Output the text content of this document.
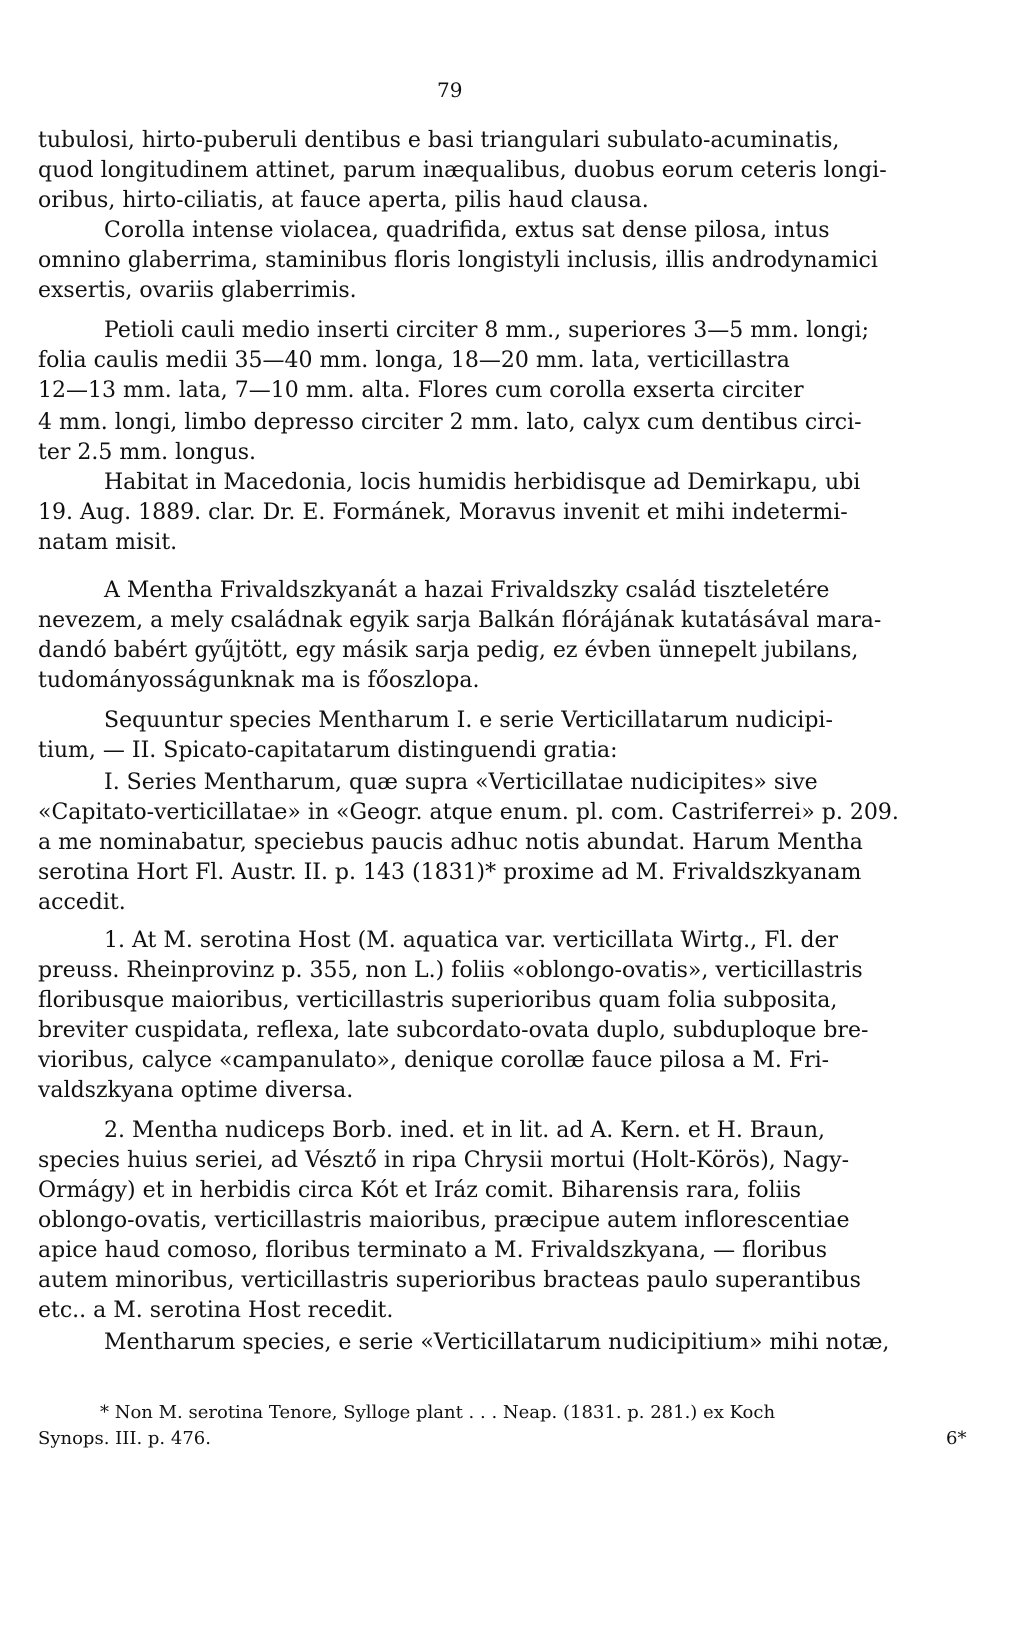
79
tubulosi, hirto-puberuli dentibus e basi triangulari subulato-acuminatis,
quod longitudinem attinet, parum inæqualibus, duobus eorum ceteris longi-
oribus, hirto-ciliatis, at fauce aperta, pilis haud clausa.
Corolla intense violacea, quadrifida, extus sat dense pilosa, intus
omnino glaberrima, staminibus floris longistyli inclusis, illis androdynamici
exsertis, ovariis glaberrimis.
Petioli cauli medio inserti circiter 8 mm., superiores 3—5 mm. longi;
folia caulis medii 35—40 mm. longa, 18—20 mm. lata, verticillastra
12—13 mm. lata, 7—10 mm. alta. Flores cum corolla exserta circiter
4 mm. longi, limbo depresso circiter 2 mm. lato, calyx cum dentibus circi-
ter 2.5 mm. longus.
Habitat in Macedonia, locis humidis herbidisque ad Demirkapu, ubi
19. Aug. 1889. clar. Dr. E. Formánek, Moravus invenit et mihi indetermi-
natam misit.
A Mentha Frivaldszkyanát a hazai Frivaldszky család tiszteletére
nevezem, a mely családnak egyik sarja Balkán flórájának kutatásával mara-
dandó babért gyűjtött, egy másik sarja pedig, ez évben ünnepelt jubilans,
tudományosságunknak ma is főoszlopa.
Sequuntur species Mentharum I. e serie Verticillatarum nudicipi-
tium, — II. Spicato-capitatarum distinguendi gratia:
I. Series Mentharum, quæ supra «Verticillatae nudicipites» sive
«Capitato-verticillatae» in «Geogr. atque enum. pl. com. Castriferrei» p. 209.
a me nominabatur, speciebus paucis adhuc notis abundat. Harum Mentha
serotina Hort Fl. Austr. II. p. 143 (1831)* proxime ad M. Frivaldszkyanam
accedit.
1. At M. serotina Host (M. aquatica var. verticillata Wirtg., Fl. der
preuss. Rheinprovinz p. 355, non L.) foliis «oblongo-ovatis», verticillastris
floribusque maioribus, verticillastris superioribus quam folia subposita,
breviter cuspidata, reflexa, late subcordato-ovata duplo, subduploque bre-
vioribus, calyce «campanulato», denique corollæ fauce pilosa a M. Fri-
valdszkyana optime diversa.
2. Mentha nudiceps Borb. ined. et in lit. ad A. Kern. et H. Braun,
species huius seriei, ad Vésztő in ripa Chrysii mortui (Holt-Körös), Nagy-
Ormágy) et in herbidis circa Kót et Iráz comit. Biharensis rara, foliis
oblongo-ovatis, verticillastris maioribus, præcipue autem inflorescentiae
apice haud comoso, floribus terminato a M. Frivaldszkyana, — floribus
autem minoribus, verticillastris superioribus bracteas paulo superantibus
etc.. a M. serotina Host recedit.
Mentharum species, e serie «Verticillatarum nudicipitium» mihi notæ,
* Non M. serotina Tenore, Sylloge plant . . . Neap. (1831. p. 281.) ex Koch
Synops. III. p. 476.	6*
